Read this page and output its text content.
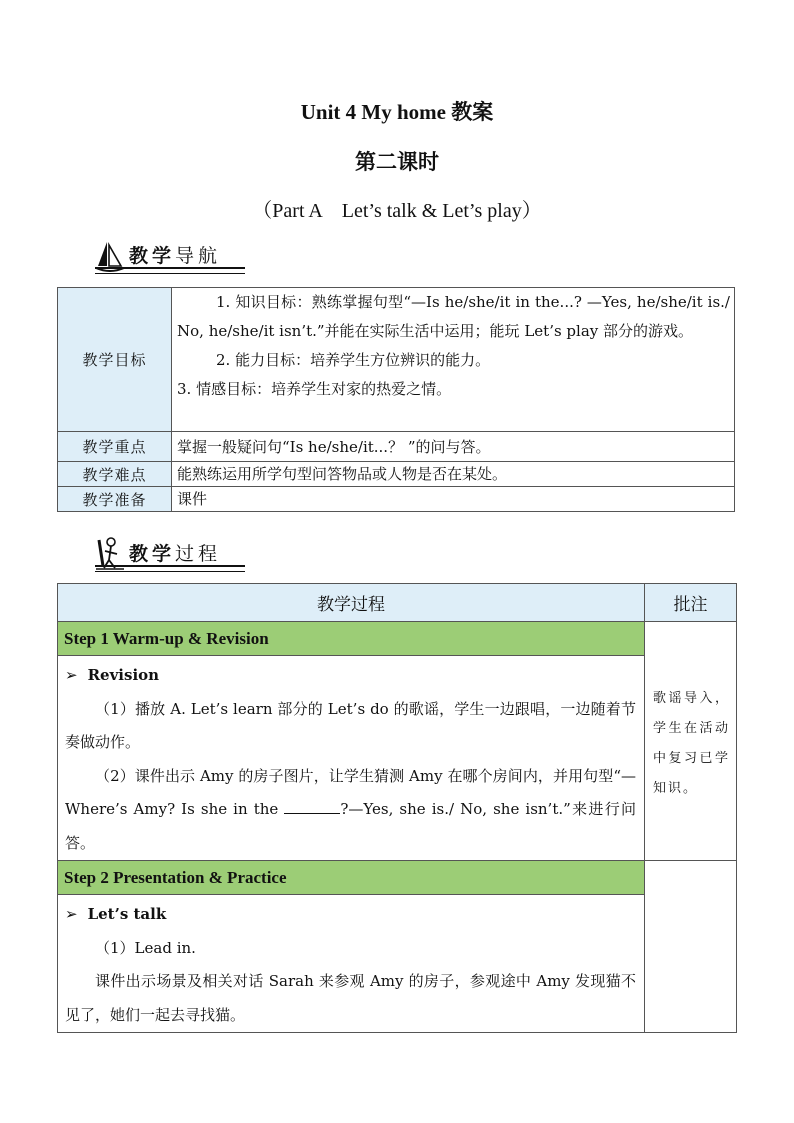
Unit 4 My home 教案
第二课时
（Part A    Let’s talk & Let’s play）
教学导航
教学目标	1. 知识目标：熟练掌握句型“—Is he/she/it in the...? —Yes, he/she/it is./ No, he/she/it isn’t.”并能在实际生活中运用；能玩 Let’s play 部分的游戏。
2. 能力目标：培养学生方位辨识的能力。
3. 情感目标：培养学生对家的热爱之情。

教学重点	掌握一般疑问句“Is he/she/it...？ ”的问与答。
教学难点	能熟练运用所学句型问答物品或人物是否在某处。
教学准备	课件
教学过程
教学过程	批注
Step 1 Warm-up & Revision	歌谣导入，学生在活动中复习已学知识。

➢ Revision

（1）播放 A. Let’s learn 部分的 Let’s do 的歌谣，学生一边跟唱，一边随着节奏做动作。

（2）课件出示 Amy 的房子图片，让学生猜测 Amy 在哪个房间内，并用句型“—Where’s Amy? Is she in the ?—Yes, she is./ No, she isn’t.”来进行问答。	

Step 2 Presentation & Practice	

➢ Let’s talk

（1）Lead in.

课件出示场景及相关对话 Sarah 来参观 Amy 的房子，参观途中 Amy 发现猫不见了，她们一起去寻找猫。	
